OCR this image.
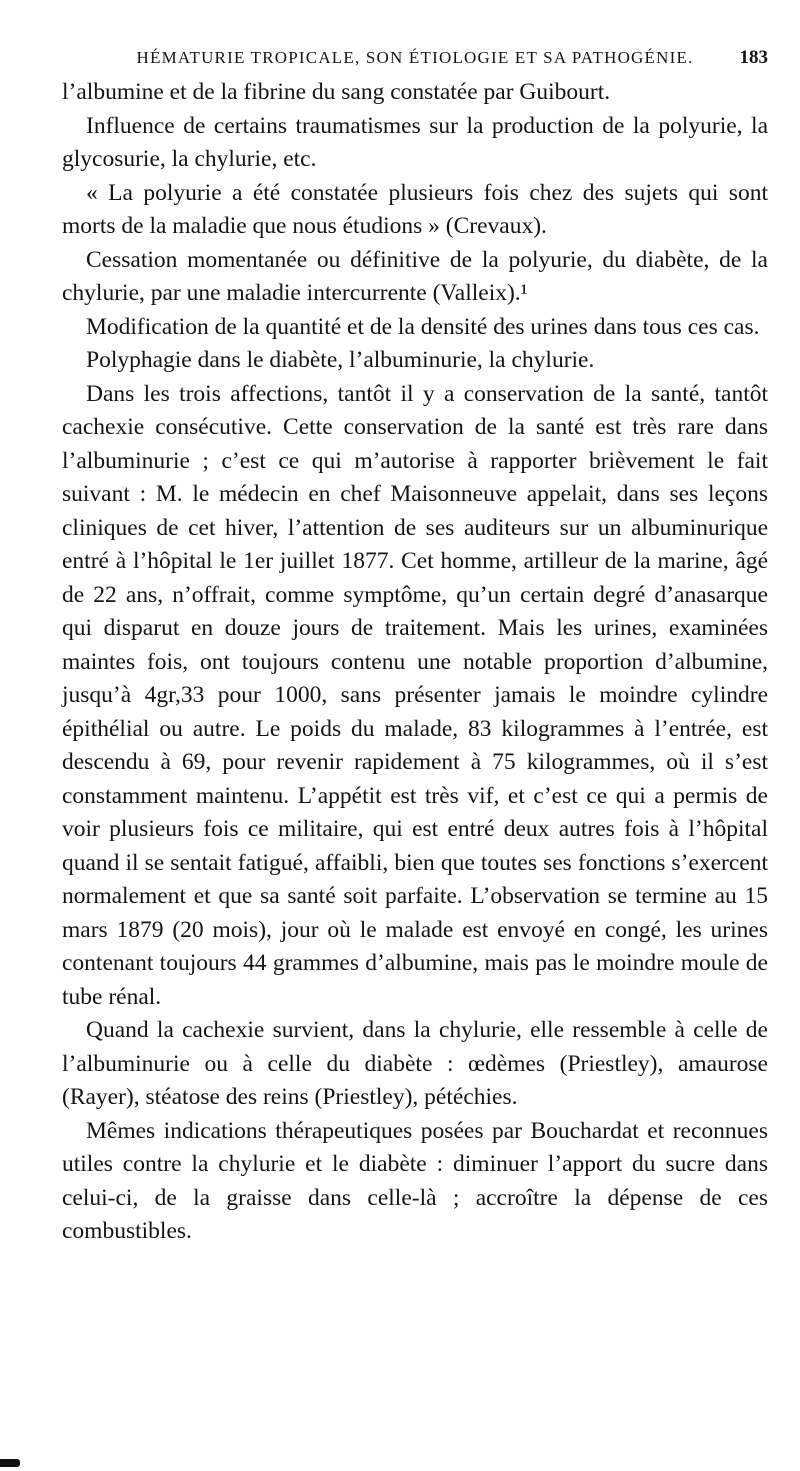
HÉMATURIE TROPICALE, SON ÉTIOLOGIE ET SA PATHOGÉNIE. 183

l’albumine et de la fibrine du sang constatée par Guibourt.

Influence de certains traumatismes sur la production de la polyurie, la glycosurie, la chylurie, etc.

« La polyurie a été constatée plusieurs fois chez des sujets qui sont morts de la maladie que nous étudions » (Crevaux).

Cessation momentanée ou définitive de la polyurie, du diabète, de la chylurie, par une maladie intercurrente (Valleix).¹

Modification de la quantité et de la densité des urines dans tous ces cas.

Polyphagie dans le diabète, l’albuminurie, la chylurie.

Dans les trois affections, tantôt il y a conservation de la santé, tantôt cachexie consécutive. Cette conservation de la santé est très rare dans l’albuminurie ; c’est ce qui m’autorise à rapporter brièvement le fait suivant : M. le médecin en chef Maisonneuve appelait, dans ses leçons cliniques de cet hiver, l’attention de ses auditeurs sur un albuminurique entré à l’hôpital le 1er juillet 1877. Cet homme, artilleur de la marine, âgé de 22 ans, n’offrait, comme symptôme, qu’un certain degré d’anasarque qui disparut en douze jours de traitement. Mais les urines, examinées maintes fois, ont toujours contenu une notable proportion d’albumine, jusqu’à 4gr,33 pour 1000, sans présenter jamais le moindre cylindre épithélial ou autre. Le poids du malade, 83 kilogrammes à l’entrée, est descendu à 69, pour revenir rapidement à 75 kilogrammes, où il s’est constamment maintenu. L’appétit est très vif, et c’est ce qui a permis de voir plusieurs fois ce militaire, qui est entré deux autres fois à l’hôpital quand il se sentait fatigué, affaibli, bien que toutes ses fonctions s’exercent normalement et que sa santé soit parfaite. L’observation se termine au 15 mars 1879 (20 mois), jour où le malade est envoyé en congé, les urines contenant toujours 44 grammes d’albumine, mais pas le moindre moule de tube rénal.

Quand la cachexie survient, dans la chylurie, elle ressemble à celle de l’albuminurie ou à celle du diabète : œdèmes (Priestley), amaurose (Rayer), stéatose des reins (Priestley), pétéchies.

Mêmes indications thérapeutiques posées par Bouchardat et reconnues utiles contre la chylurie et le diabète : diminuer l’apport du sucre dans celui-ci, de la graisse dans celle-là ; accroître la dépense de ces combustibles.
